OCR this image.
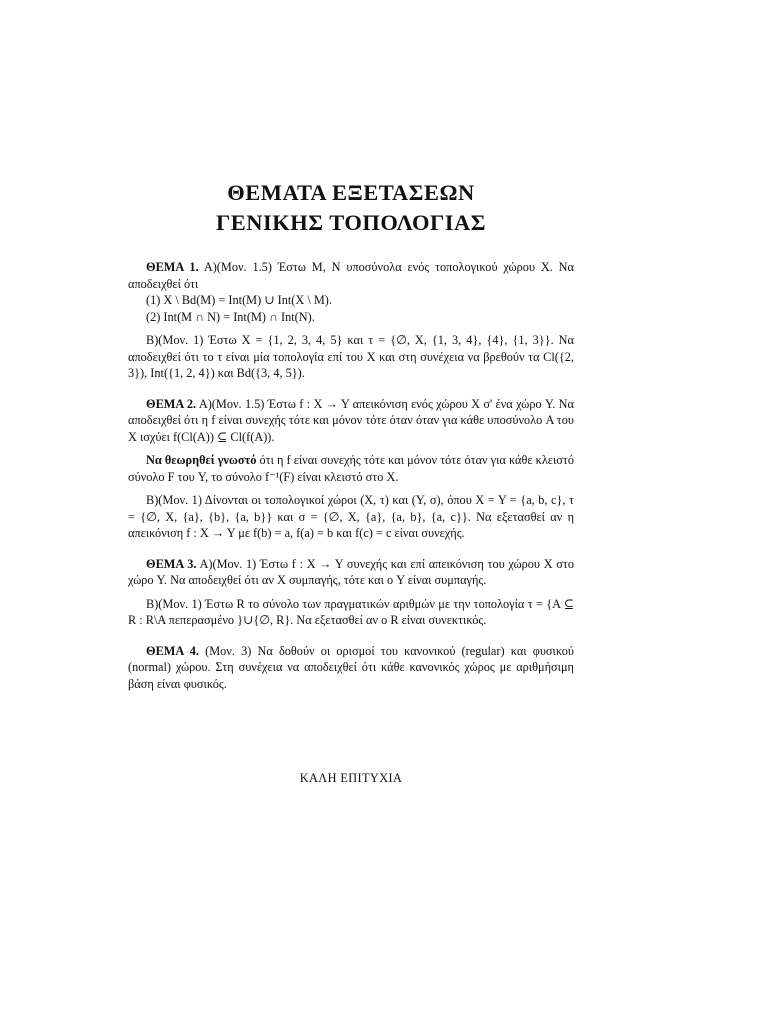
ΘΕΜΑΤΑ ΕΞΕΤΑΣΕΩΝ
ΓΕΝΙΚΗΣ ΤΟΠΟΛΟΓΙΑΣ

ΘΕΜΑ 1. Α)(Μον. 1.5) Έστω M, N υποσύνολα ενός τοπολογικού χώρου X. Να αποδειχθεί ότι

(1) X \ Bd(M) = Int(M) ∪ Int(X \ M).

(2) Int(M ∩ N) = Int(M) ∩ Int(N).

Β)(Μον. 1) Έστω X = {1, 2, 3, 4, 5} και τ = {∅, X, {1, 3, 4}, {4}, {1, 3}}. Να αποδειχθεί ότι το τ είναι μία τοπολογία επί του X και στη συνέχεια να βρεθούν τα Cl({2, 3}), Int({1, 2, 4}) και Bd({3, 4, 5}).

ΘΕΜΑ 2. Α)(Μον. 1.5) Έστω f : X → Y απεικόνιση ενός χώρου X σ' ένα χώρο Y. Να αποδειχθεί ότι η f είναι συνεχής τότε και μόνον τότε όταν όταν για κάθε υποσύνολο A του X ισχύει f(Cl(A)) ⊆ Cl(f(A)).

Να θεωρηθεί γνωστό ότι η f είναι συνεχής τότε και μόνον τότε όταν για κάθε κλειστό σύνολο F του Y, το σύνολο f⁻¹(F) είναι κλειστό στο X.

Β)(Μον. 1) Δίνονται οι τοπολογικοί χώροι (X, τ) και (Y, σ), όπου X = Y = {a, b, c}, τ = {∅, X, {a}, {b}, {a, b}} και σ = {∅, X, {a}, {a, b}, {a, c}}. Να εξετασθεί αν η απεικόνιση f : X → Y με f(b) = a, f(a) = b και f(c) = c είναι συνεχής.

ΘΕΜΑ 3. Α)(Μον. 1) Έστω f : X → Y συνεχής και επί απεικόνιση του χώρου X στο χώρο Y. Να αποδειχθεί ότι αν X συμπαγής, τότε και ο Y είναι συμπαγής.

Β)(Μον. 1) Έστω R το σύνολο των πραγματικών αριθμών με την τοπολογία τ = {A ⊆ R : R\A πεπερασμένο }∪{∅, R}. Να εξετασθεί αν ο R είναι συνεκτικός.

ΘΕΜΑ 4. (Μον. 3) Να δοθούν οι ορισμοί του κανονικού (regular) και φυσικού (normal) χώρου. Στη συνέχεια να αποδειχθεί ότι κάθε κανονικός χώρος με αριθμήσιμη βάση είναι φυσικός.

ΚΑΛΗ ΕΠΙΤΥΧΙΑ
